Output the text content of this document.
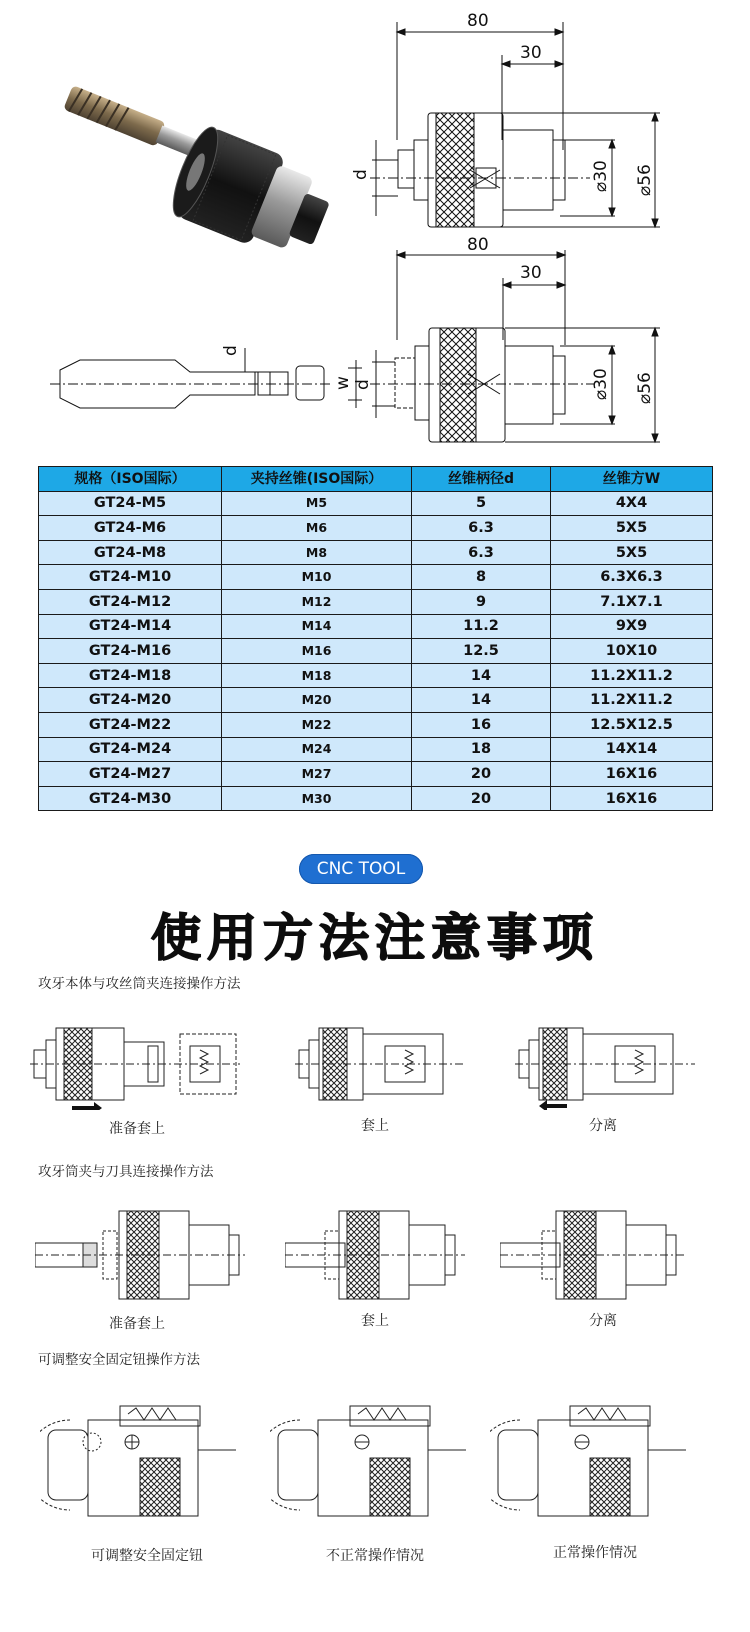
80
30
d	⌀30 ⌀56
80
30
d
w d	⌀30 ⌀56
规格（ISO国际）	夹持丝锥(ISO国际）	丝锥柄径d	丝锥方W
GT24-M5	M5	5	4X4
GT24-M6	M6	6.3	5X5
GT24-M8	M8	6.3	5X5
GT24-M10	M10	8	6.3X6.3
GT24-M12	M12	9	7.1X7.1
GT24-M14	M14	11.2	9X9
GT24-M16	M16	12.5	10X10
GT24-M18	M18	14	11.2X11.2
GT24-M20	M20	14	11.2X11.2
GT24-M22	M22	16	12.5X12.5
GT24-M24	M24	18	14X14
GT24-M27	M27	20	16X16
GT24-M30	M30	20	16X16
CNC TOOL
使用方法注意事项
攻牙本体与攻丝筒夹连接操作方法
准备套上	套上	分离
攻牙筒夹与刀具连接操作方法
准备套上	套上	分离
可调整安全固定钮操作方法
可调整安全固定钮	不正常操作情况	正常操作情况
